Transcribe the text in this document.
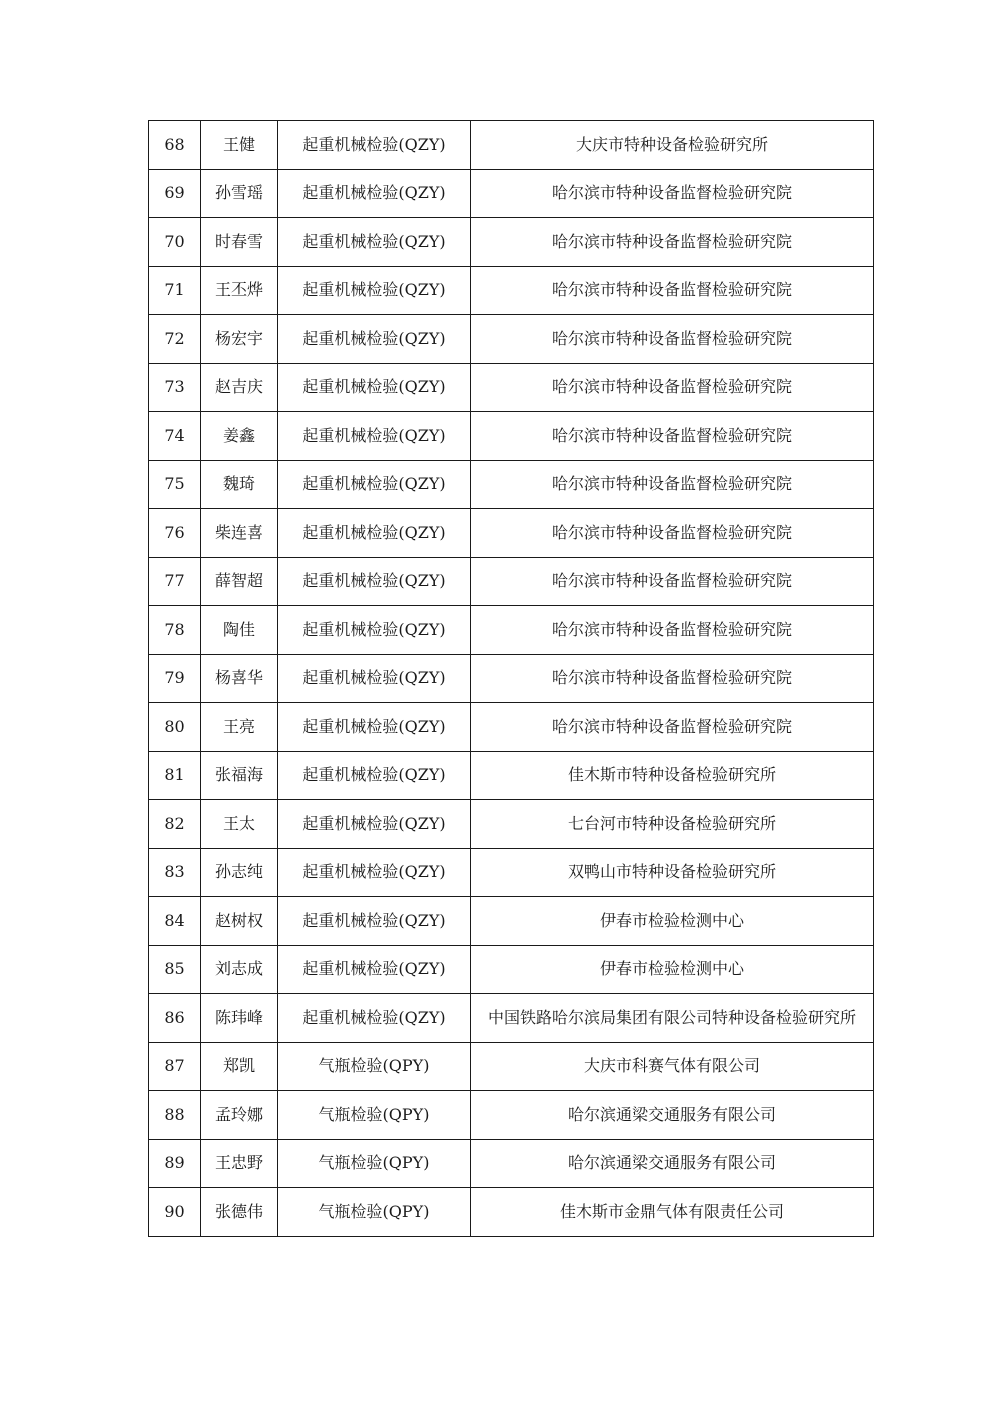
68	王健	起重机械检验(QZY)	大庆市特种设备检验研究所
69	孙雪瑶	起重机械检验(QZY)	哈尔滨市特种设备监督检验研究院
70	时春雪	起重机械检验(QZY)	哈尔滨市特种设备监督检验研究院
71	王丕烨	起重机械检验(QZY)	哈尔滨市特种设备监督检验研究院
72	杨宏宇	起重机械检验(QZY)	哈尔滨市特种设备监督检验研究院
73	赵吉庆	起重机械检验(QZY)	哈尔滨市特种设备监督检验研究院
74	姜鑫	起重机械检验(QZY)	哈尔滨市特种设备监督检验研究院
75	魏琦	起重机械检验(QZY)	哈尔滨市特种设备监督检验研究院
76	柴连喜	起重机械检验(QZY)	哈尔滨市特种设备监督检验研究院
77	薛智超	起重机械检验(QZY)	哈尔滨市特种设备监督检验研究院
78	陶佳	起重机械检验(QZY)	哈尔滨市特种设备监督检验研究院
79	杨喜华	起重机械检验(QZY)	哈尔滨市特种设备监督检验研究院
80	王亮	起重机械检验(QZY)	哈尔滨市特种设备监督检验研究院
81	张福海	起重机械检验(QZY)	佳木斯市特种设备检验研究所
82	王太	起重机械检验(QZY)	七台河市特种设备检验研究所
83	孙志纯	起重机械检验(QZY)	双鸭山市特种设备检验研究所
84	赵树权	起重机械检验(QZY)	伊春市检验检测中心
85	刘志成	起重机械检验(QZY)	伊春市检验检测中心
86	陈玮峰	起重机械检验(QZY)	中国铁路哈尔滨局集团有限公司特种设备检验研究所
87	郑凯	气瓶检验(QPY)	大庆市科赛气体有限公司
88	孟玲娜	气瓶检验(QPY)	哈尔滨通梁交通服务有限公司
89	王忠野	气瓶检验(QPY)	哈尔滨通梁交通服务有限公司
90	张德伟	气瓶检验(QPY)	佳木斯市金鼎气体有限责任公司
